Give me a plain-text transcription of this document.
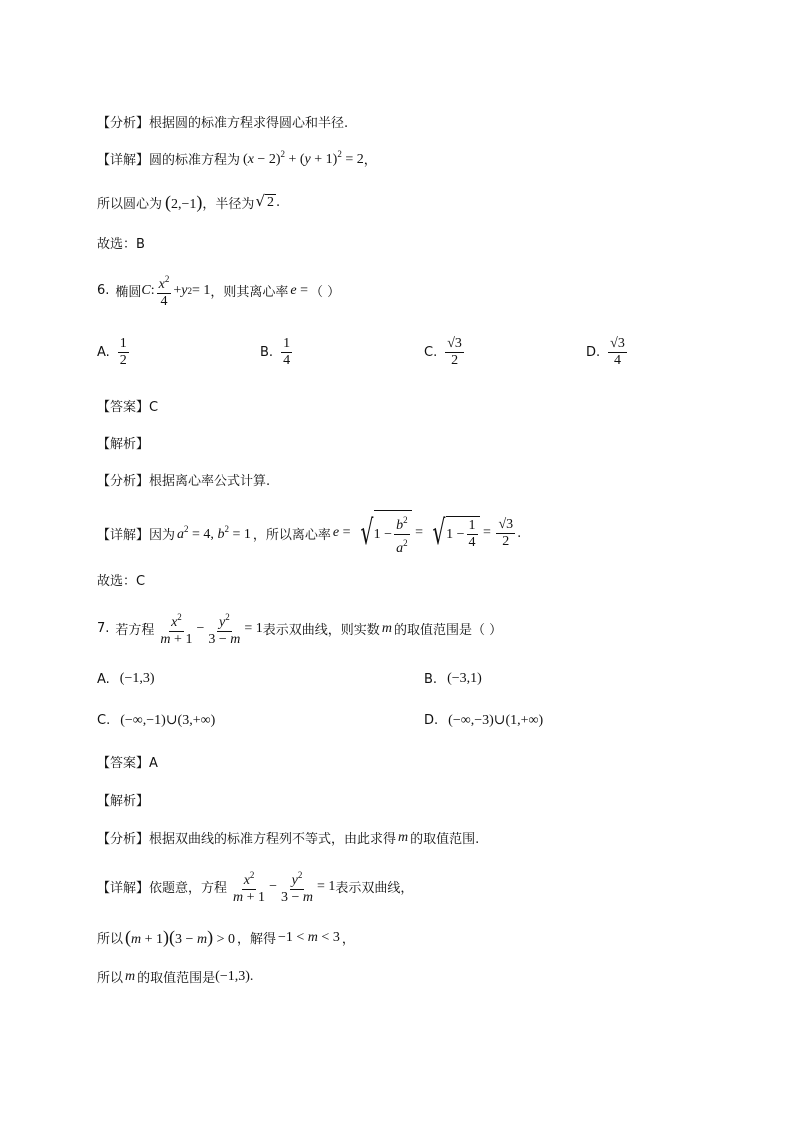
【分析】 根据圆的标准方程求得圆心和半径.
【详解】 圆的标准方程为 $(x - 2)^2 + (y + 1)^2 = 2$ ，
所以圆心为 (2,−1) ，半径为 √ 2 .
故选：B
6. 椭圆 C : $\frac{x^2}{4} + y$ 2 = 1 ，则其离心率 e = （ ）
A. $\frac{1}{2}$	B. $\frac{1}{4}$	C. $\frac{√3}{2}$	D. $\frac{√3}{4}$
【答案】C
【解析】
【分析】 根据离心率公式计算.
【详解】 因为 $a^2 = 4$, $b^2 = 1$ ，所以离心率 e = √ $1 - \frac{b^2}{a^2}$ = √ $1 - \frac{1}{4} = \frac{√3}{2}$ .
故选：C
7. 若方程 $\frac{x^2}{m + 1} - \frac{y^2}{3 - m} = 1$ 表示双曲线，则实数 m 的取值范围是（ ）
A. (−1,3)	B. (−3,1)
C. (−∞,−1)∪(3,+∞)	D. (−∞,−3)∪(1,+∞)
【答案】A
【解析】
【分析】 根据双曲线的标准方程列不等式，由此求得 m 的取值范围.
【详解】 依题意，方程 $\frac{x^2}{m + 1} - \frac{y^2}{3 - m} = 1$ 表示双曲线，
所以 (m + 1)(3 − m) > 0 ，解得 −1 < m < 3 ，
所以 m 的取值范围是 (−1,3).
